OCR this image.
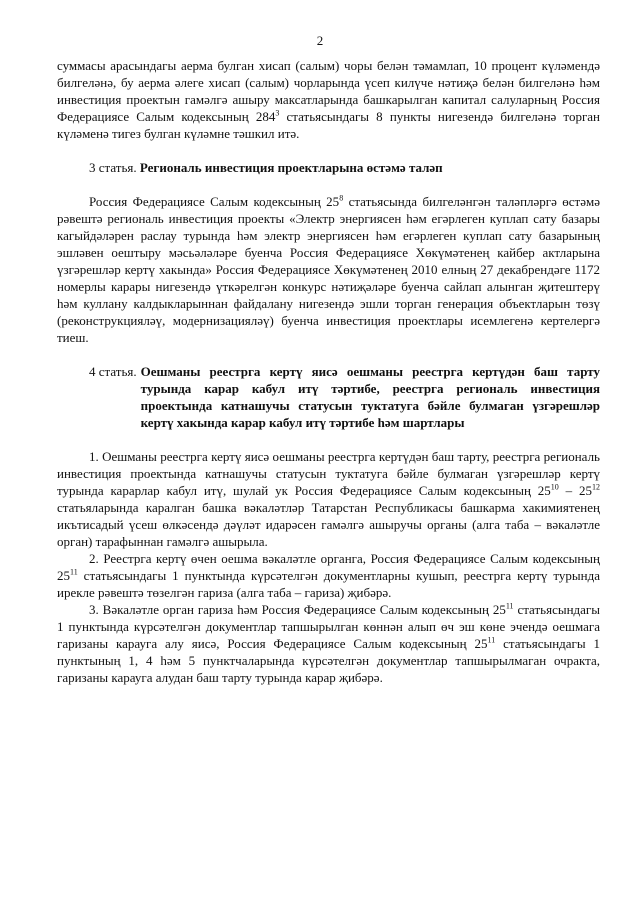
2

суммасы арасындагы аерма булган хисап (салым) чоры белән тәмамлап, 10 процент күләмендә билгеләнә, бу аерма әлеге хисап (салым) чорларында үсеп килүче нәтиҗә белән билгеләнә һәм инвестиция проектын гамәлгә ашыру максатларында башкарылган капитал салуларның Россия Федерациясе Салым кодексының $284^3$ статьясындагы 8 пункты нигезендә билгеләнә торган күләменә тигез булган күләмне тәшкил итә.

3 статья. Региональ инвестиция проектларына өстәмә таләп

Россия Федерациясе Салым кодексының $25^8$ статьясында билгеләнгән таләпләргә өстәмә рәвештә региональ инвестиция проекты «Электр энергиясен һәм егәрлеген куплап сату базары кагыйдәләрен раслау турында һәм электр энергиясен һәм егәрлеген куплап сату базарының эшләвен оештыру мәсьәләләре буенча Россия Федерациясе Хөкүмәтенең кайбер актларына үзгәрешләр кертү хакында» Россия Федерациясе Хөкүмәтенең 2010 елның 27 декабрендәге 1172 номерлы карары нигезендә үткәрелгән конкурс нәтиҗәләре буенча сайлап алынган җитештерү һәм куллану калдыкларыннан файдалану нигезендә эшли торган генерация объектларын төзү (реконструкцияләү, модернизацияләү) буенча инвестиция проектлары исемлегенә кертелергә тиеш.

4 статья. Оешманы реестрга кертү яисә оешманы реестрга кертүдән баш тарту турында карар кабул итү тәртибе, реестрга региональ инвестиция проектында катнашучы статусын туктатуга бәйле булмаган үзгәрешләр кертү хакында карар кабул итү тәртибе һәм шартлары

1. Оешманы реестрга кертү яисә оешманы реестрга кертүдән баш тарту, реестрга региональ инвестиция проектында катнашучы статусын туктатуга бәйле булмаган үзгәрешләр кертү турында карарлар кабул итү, шулай ук Россия Федерациясе Салым кодексының $25^{10} - 25^{12}$ статьяларында каралган башка вәкаләтләр Татарстан Республикасы башкарма хакимиятенең икътисадый үсеш өлкәсендә дәүләт идарәсен гамәлгә ашыручы органы (алга таба – вәкаләтле орган) тарафыннан гамәлгә ашырыла.

2. Реестрга кертү өчен оешма вәкаләтле органга, Россия Федерациясе Салым кодексының $25^{11}$ статьясындагы 1 пунктында күрсәтелгән документларны кушып, реестрга кертү турында иреклe рәвештә төзелгән гариза (алга таба – гариза) җибәрә.

3. Вәкаләтле орган гариза һәм Россия Федерациясе Салым кодексының $25^{11}$ статьясындагы 1 пунктында күрсәтелгән документлар тапшырылган көннән алып өч эш көне эчендә оешмага гаризаны карауга алу яисә, Россия Федерациясе Салым кодексының $25^{11}$ статьясындагы 1 пунктының 1, 4 һәм 5 пунктчаларында күрсәтелгән документлар тапшырылмаган очракта, гаризаны карауга алудан баш тарту турында карар җибәрә.
